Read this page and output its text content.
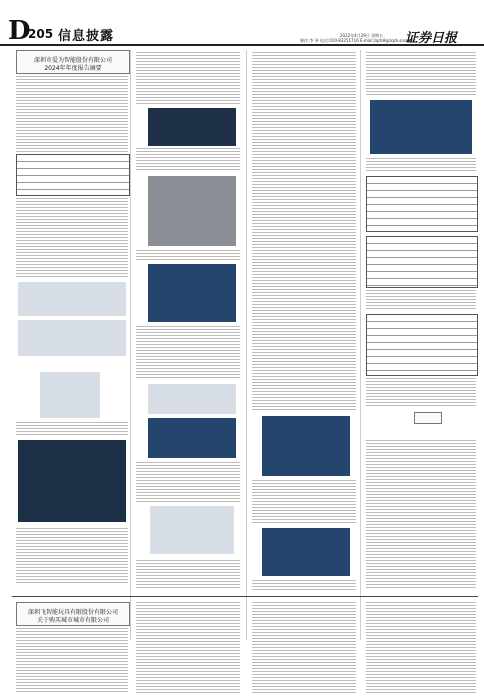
D
205 信息披露	2022年4月29日 星期五
制作:李 琴 电话:010-83251716 E-mail:zqrb9@zqrb.sina.net
证券日报
深圳市爱为智能股份有限公司
2024年年度报告摘要
深圳飞智能玩具有限股份有限公司
关于购买城市城市有限公司
